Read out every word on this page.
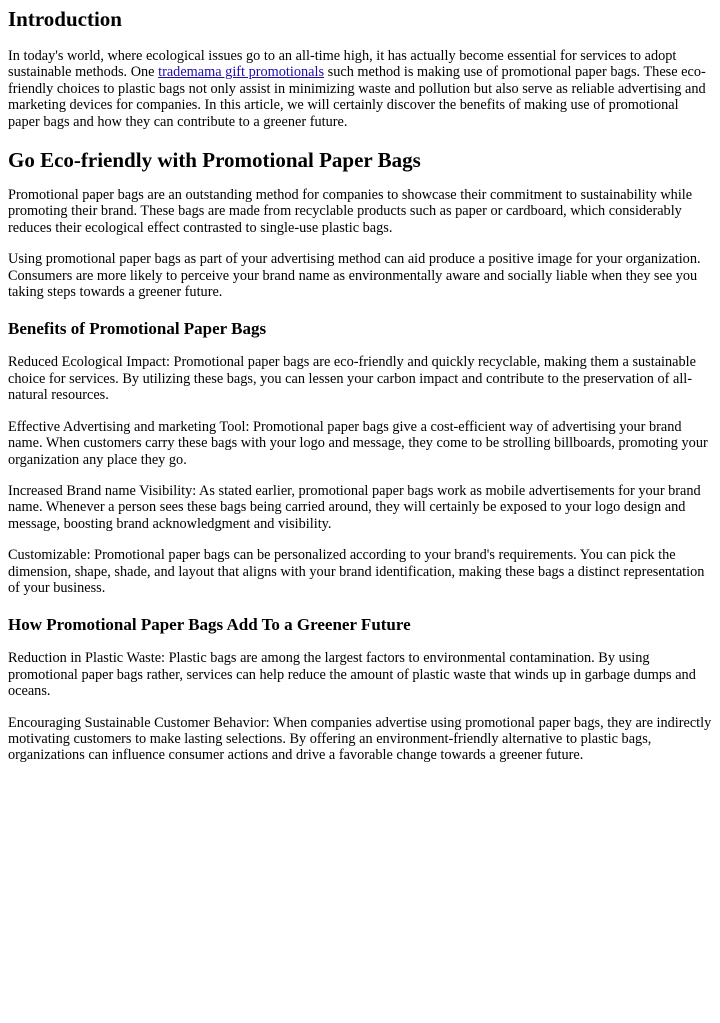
Introduction

In today's world, where ecological issues go to an all-time high, it has actually become essential for services to adopt sustainable methods. One trademama gift promotionals such method is making use of promotional paper bags. These eco-friendly choices to plastic bags not only assist in minimizing waste and pollution but also serve as reliable advertising and marketing devices for companies. In this article, we will certainly discover the benefits of making use of promotional paper bags and how they can contribute to a greener future.

Go Eco-friendly with Promotional Paper Bags

Promotional paper bags are an outstanding method for companies to showcase their commitment to sustainability while promoting their brand. These bags are made from recyclable products such as paper or cardboard, which considerably reduces their ecological effect contrasted to single-use plastic bags.

Using promotional paper bags as part of your advertising method can aid produce a positive image for your organization. Consumers are more likely to perceive your brand name as environmentally aware and socially liable when they see you taking steps towards a greener future.

Benefits of Promotional Paper Bags

Reduced Ecological Impact: Promotional paper bags are eco-friendly and quickly recyclable, making them a sustainable choice for services. By utilizing these bags, you can lessen your carbon impact and contribute to the preservation of all-natural resources.

Effective Advertising and marketing Tool: Promotional paper bags give a cost-efficient way of advertising your brand name. When customers carry these bags with your logo and message, they come to be strolling billboards, promoting your organization any place they go.

Increased Brand name Visibility: As stated earlier, promotional paper bags work as mobile advertisements for your brand name. Whenever a person sees these bags being carried around, they will certainly be exposed to your logo design and message, boosting brand acknowledgment and visibility.

Customizable: Promotional paper bags can be personalized according to your brand's requirements. You can pick the dimension, shape, shade, and layout that aligns with your brand identification, making these bags a distinct representation of your business.

How Promotional Paper Bags Add To a Greener Future

Reduction in Plastic Waste: Plastic bags are among the largest factors to environmental contamination. By using promotional paper bags rather, services can help reduce the amount of plastic waste that winds up in garbage dumps and oceans.

Encouraging Sustainable Customer Behavior: When companies advertise using promotional paper bags, they are indirectly motivating customers to make lasting selections. By offering an environment-friendly alternative to plastic bags, organizations can influence consumer actions and drive a favorable change towards a greener future.
